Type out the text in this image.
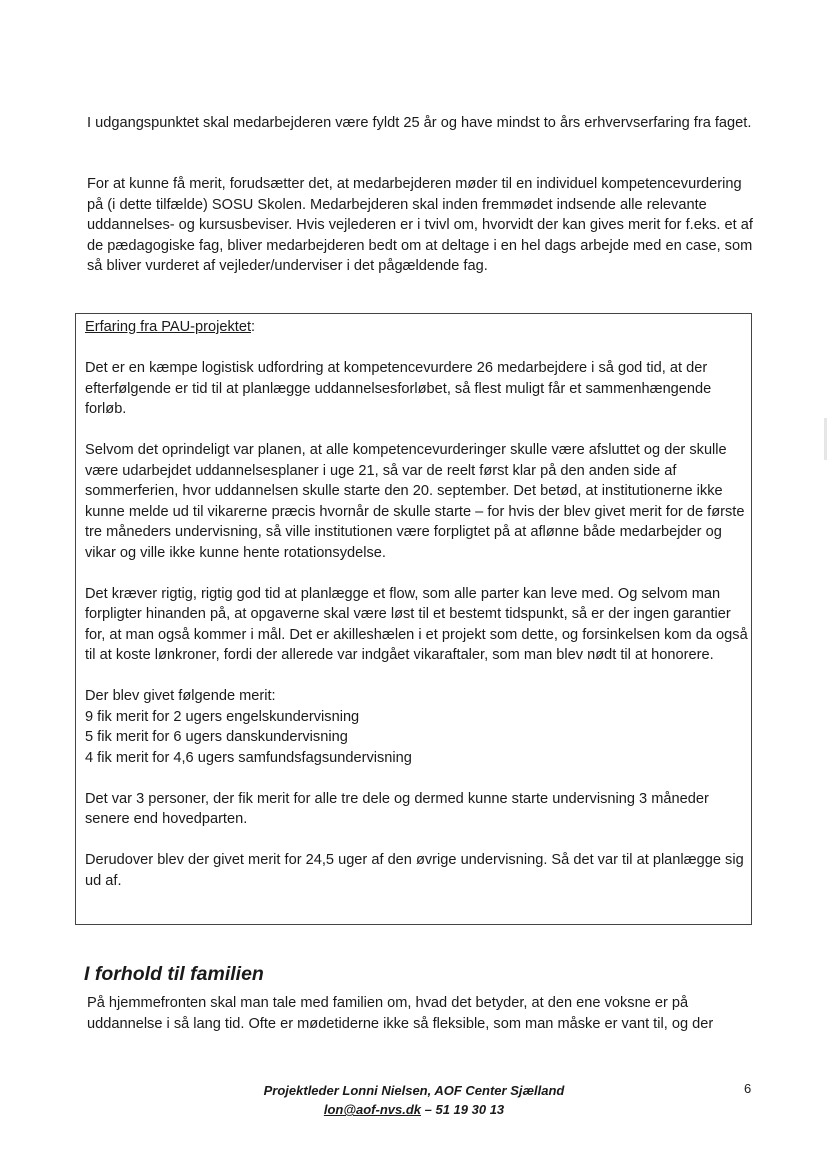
I udgangspunktet skal medarbejderen være fyldt 25 år og have mindst to års erhvervserfaring fra faget.

For at kunne få merit, forudsætter det, at medarbejderen møder til en individuel kompetencevurdering på (i dette tilfælde) SOSU Skolen. Medarbejderen skal inden fremmødet indsende alle relevante uddannelses- og kursusbeviser. Hvis vejlederen er i tvivl om, hvorvidt der kan gives merit for f.eks. et af de pædagogiske fag, bliver medarbejderen bedt om at deltage i en hel dags arbejde med en case, som så bliver vurderet af vejleder/underviser i det pågældende fag.

Erfaring fra PAU-projektet:

Det er en kæmpe logistisk udfordring at kompetencevurdere 26 medarbejdere i så god tid, at der efterfølgende er tid til at planlægge uddannelsesforløbet, så flest muligt får et sammenhængende forløb.

Selvom det oprindeligt var planen, at alle kompetencevurderinger skulle være afsluttet og der skulle være udarbejdet uddannelsesplaner i uge 21, så var de reelt først klar på den anden side af sommerferien, hvor uddannelsen skulle starte den 20. september. Det betød, at institutionerne ikke kunne melde ud til vikarerne præcis hvornår de skulle starte – for hvis der blev givet merit for de første tre måneders undervisning, så ville institutionen være forpligtet på at aflønne både medarbejder og vikar og ville ikke kunne hente rotationsydelse.

Det kræver rigtig, rigtig god tid at planlægge et flow, som alle parter kan leve med. Og selvom man forpligter hinanden på, at opgaverne skal være løst til et bestemt tidspunkt, så er der ingen garantier for, at man også kommer i mål. Det er akilleshælen i et projekt som dette, og forsinkelsen kom da også til at koste lønkroner, fordi der allerede var indgået vikaraftaler, som man blev nødt til at honorere.

Der blev givet følgende merit:

9 fik merit for 2 ugers engelskundervisning
5 fik merit for 6 ugers danskundervisning
4 fik merit for 4,6 ugers samfundsfagsundervisning

Det var 3 personer, der fik merit for alle tre dele og dermed kunne starte undervisning 3 måneder senere end hovedparten.

Derudover blev der givet merit for 24,5 uger af den øvrige undervisning. Så det var til at planlægge sig ud af.

I forhold til familien

På hjemmefronten skal man tale med familien om, hvad det betyder, at den ene voksne er på uddannelse i så lang tid. Ofte er mødetiderne ikke så fleksible, som man måske er vant til, og der

Projektleder Lonni Nielsen, AOF Center Sjælland
lon@aof-nvs.dk – 51 19 30 13
6
